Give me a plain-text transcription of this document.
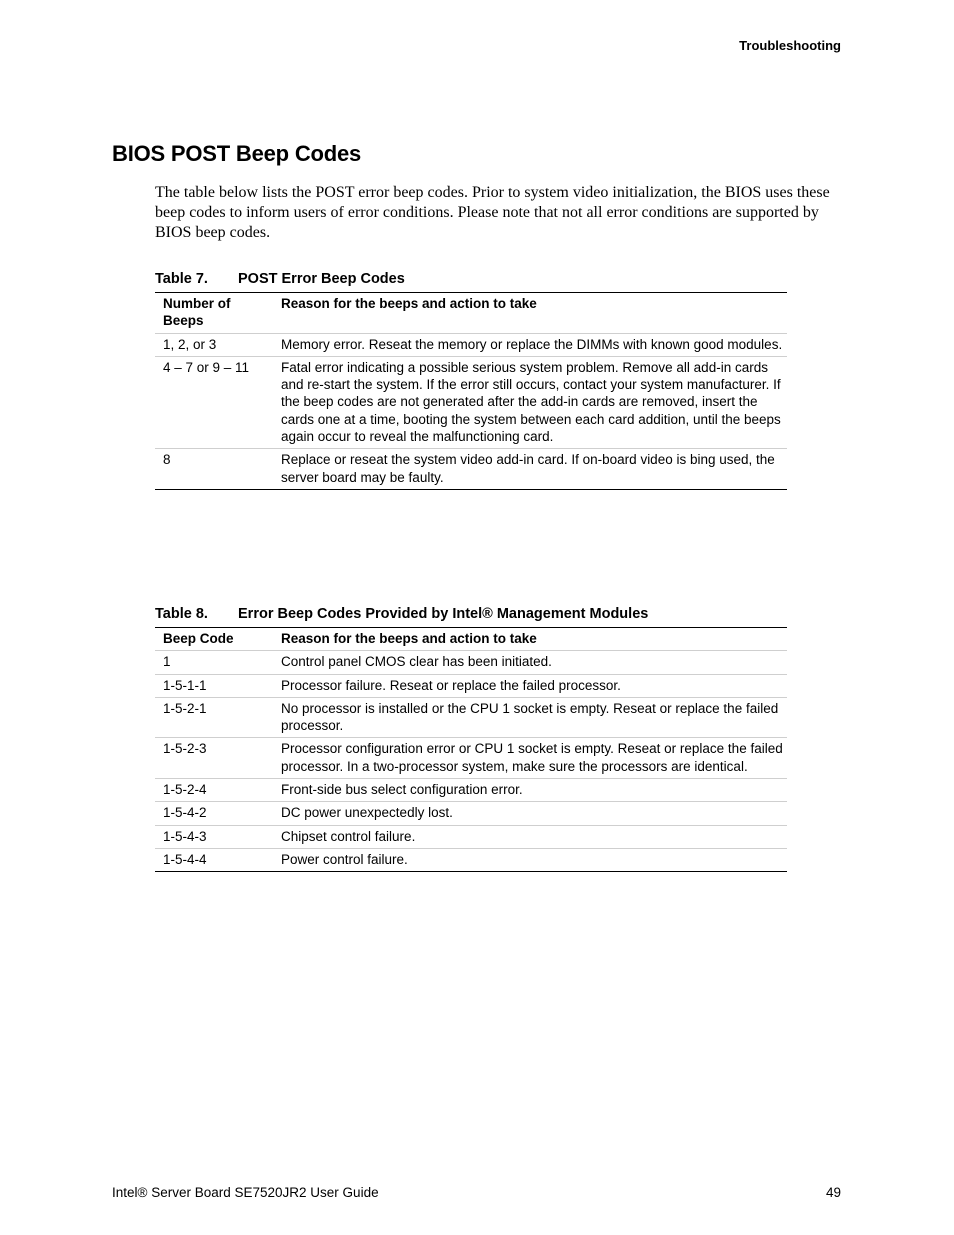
Troubleshooting
BIOS POST Beep Codes

The table below lists the POST error beep codes. Prior to system video initialization, the BIOS uses these beep codes to inform users of error conditions. Please note that not all error conditions are supported by BIOS beep codes.

Table 7. POST Error Beep Codes

Number of Beeps	Reason for the beeps and action to take
1, 2, or 3	Memory error. Reseat the memory or replace the DIMMs with known good modules.
4 – 7 or 9 – 11	Fatal error indicating a possible serious system problem. Remove all add-in cards and re-start the system. If the error still occurs, contact your system manufacturer. If the beep codes are not generated after the add-in cards are removed, insert the cards one at a time, booting the system between each card addition, until the beeps again occur to reveal the malfunctioning card.
8	Replace or reseat the system video add-in card. If on-board video is bing used, the server board may be faulty.

Table 8. Error Beep Codes Provided by Intel® Management Modules

Beep Code	Reason for the beeps and action to take
1	Control panel CMOS clear has been initiated.
1-5-1-1	Processor failure. Reseat or replace the failed processor.
1-5-2-1	No processor is installed or the CPU 1 socket is empty. Reseat or replace the failed processor.
1-5-2-3	Processor configuration error or CPU 1 socket is empty. Reseat or replace the failed processor. In a two-processor system, make sure the processors are identical.
1-5-2-4	Front-side bus select configuration error.
1-5-4-2	DC power unexpectedly lost.
1-5-4-3	Chipset control failure.
1-5-4-4	Power control failure.
Intel® Server Board SE7520JR2 User Guide	49
